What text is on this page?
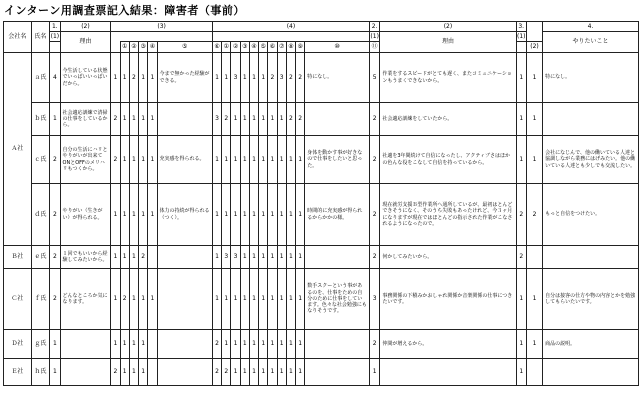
インターン用調査票記入結果：障害者（事前）
会社名	氏名	1.	(2)	(3)						(4)											2.	(2)	3.		4.
		(1)	理由																		(1)	理由	(1)		やりたいこと
					①	②	③	④	⑤	⑥	①	②	③	④	⑤	⑥	⑦	⑧	⑨	⑩	⑪			(2)	
Ａ社	ａ氏	4	今生活している状態でいっぱいいっぱいだから。	1	1	2	1	1	今まで無かった経験ができる。	1	1	3	1	1	1	2	3	2	2	特になし。	5	作業をするスピードがとても遅く、またコミュニケーションもうまくできないから。	1	1	特になし。
	ｂ氏	1	社会適応訓練で清掃の仕事をしているから。	2	1	1	1	1		3	2	1	1	1	1	1	1	2	2		2	社会適応訓練をしていたから。	1	1	
	ｃ氏	2	自分の生活にハリとやりがいが出来てONとOFFのメリハリもつくから。	2	1	1	1	1	充実感を得られる。	1	1	1	1	1	1	1	1	1	1	身体を動かす事が好きなので仕事をしたいと思った。	2	社適を3年間続けて自信になったし、アクティブさはほかの色んな役をこなして自信を持っているから。	1	1	会社になじんで、他の働いている人達と協調しながら業務にはげみたい。他の働いている人達とも少しでも交流したい。
	ｄ氏	2	やりがい（生きがい）が得られる。	1	1	1	1	1	体力の持続が得られる（つく）。	1	1	1	1	1	1	1	1	1	1	時間的に充実感が得られるからかかの様。	2	現在就労支援Ｂ型作業所へ通所しているが、最初はとんどできそうになく、そのうち失敗もあったけれど、今３ヶ月になりますが現在ではほとんどの指示された作業がこなされるようになったので。	2	2	もっと自信をつけたい。
Ｂ社	ｅ氏	2	１回でもいいから経験してみたいから。	1	1	1	2			1	3	3	1	1	1	1	1	1	1		2	何かしてみたいから。	2		
Ｃ社	ｆ氏	2	どんなところか気になります。	1	2	1	1	1		1	1	1	1	1	1	1	1	1	1	数手スクーという事があるのを、仕事をための自分のために仕事をしています。色々な社会勉強にもなりそうです。	3	事務関係の下積みかおしゃれ関係か音楽関係の仕事につきたいです。	1	1	自分は接客の仕方や物の内容とかを勉強してもらいたいです。
Ｄ社	ｇ氏	1		1	1	1	1			2	1	1	1	1	1	1	1	1	1		2	仲間が増えるから。	1	1	商品の説明。
Ｅ社	ｈ氏	1		2	1	1	1			2	2	1	1	1	1	1	1	1	1		1		1		
